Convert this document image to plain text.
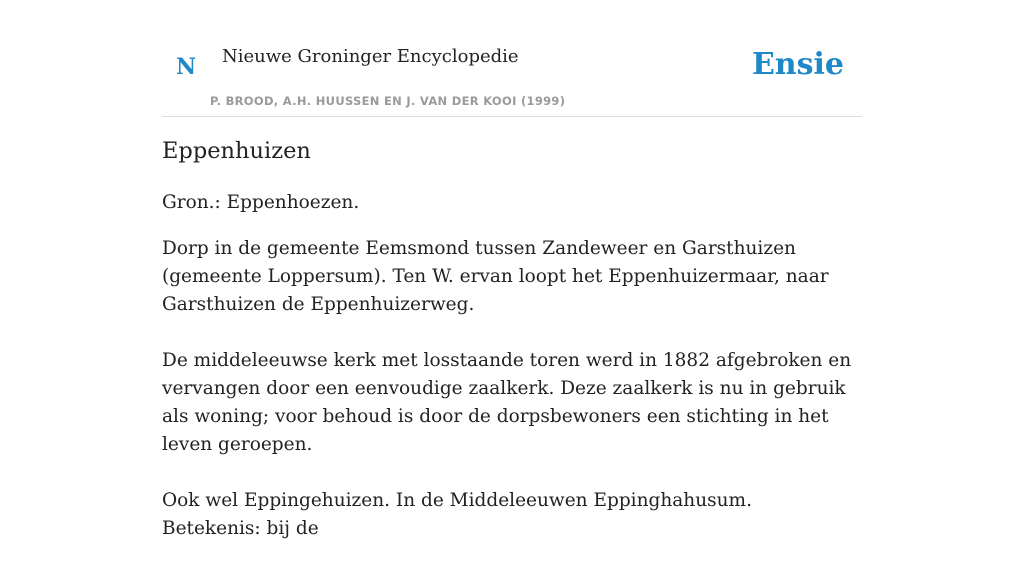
N Nieuwe Groninger Encyclopedie
P. BROOD, A.H. HUUSSEN EN J. VAN DER KOOI (1999)
Ensie
Eppenhuizen

Gron.: Eppenhoezen.

Dorp in de gemeente Eemsmond tussen Zandeweer en Garsthuizen (gemeente Loppersum). Ten W. ervan loopt het Eppenhuizermaar, naar Garsthuizen de Eppenhuizerweg.

De middeleeuwse kerk met losstaande toren werd in 1882 afgebroken en vervangen door een eenvoudige zaalkerk. Deze zaalkerk is nu in gebruik als woning; voor behoud is door de dorpsbewoners een stichting in het leven geroepen.

Ook wel Eppingehuizen. In de Middeleeuwen Eppinghahusum. Betekenis: bij de
